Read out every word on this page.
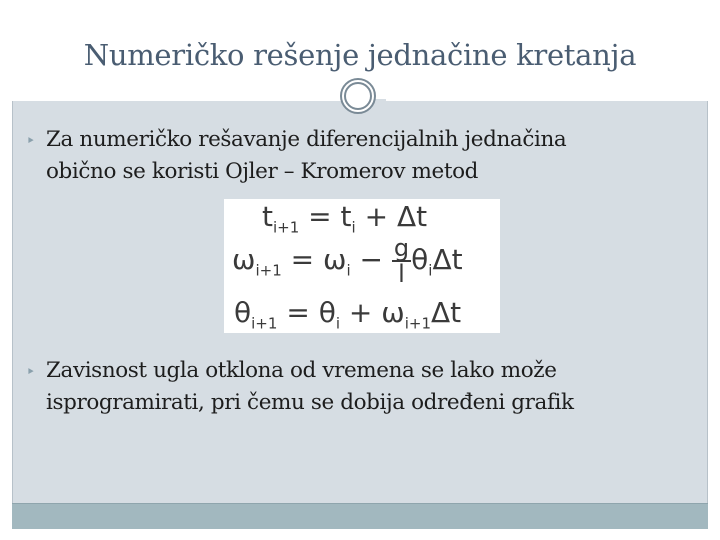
Numeričko rešenje jednačine kretanja
‣ Za numeričko rešavanje diferencijalnih jednačina
obično se koristi Ojler – Kromerov metod
$t_{i+1} = t_i + \Delta t$
$\omega_{i+1} = \omega_i - \frac{g}{l} \theta_i\Delta t$
$\theta_{i+1} = \theta_i + \omega_{i+1}\Delta t$
‣ Zavisnost ugla otklona od vremena se lako može
isprogramirati, pri čemu se dobija određeni grafik
